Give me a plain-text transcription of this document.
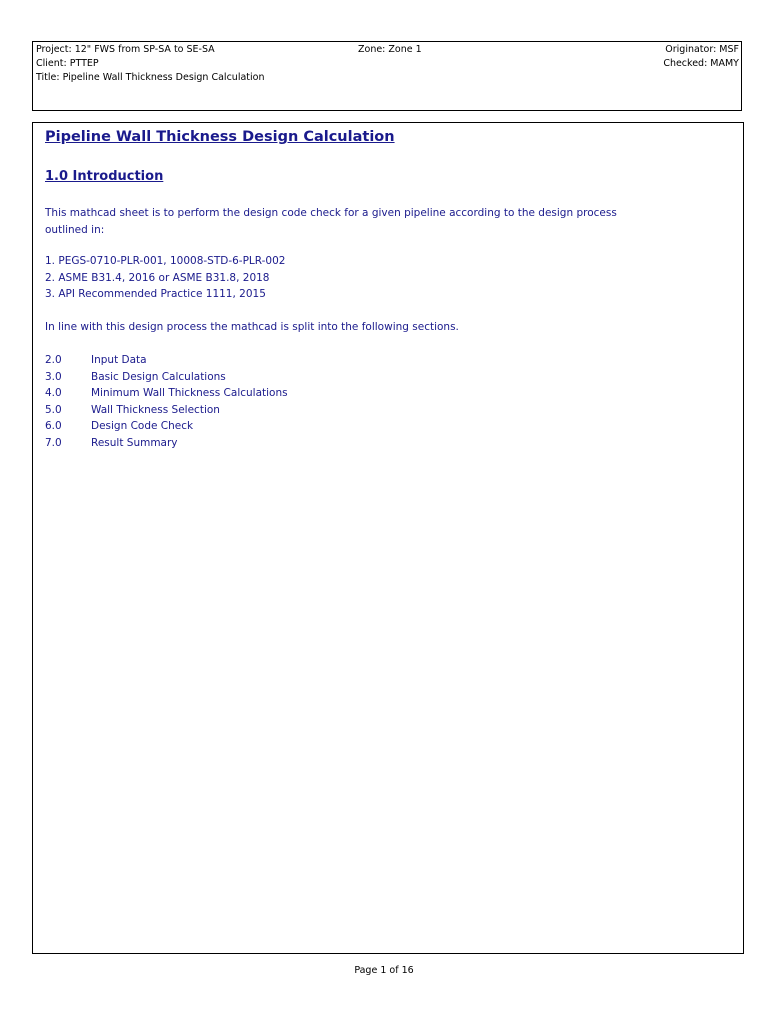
Project: 12" FWS from SP-SA to SE-SA
Client: PTTEP
Title: Pipeline Wall Thickness Design Calculation
Zone: Zone 1	Originator: MSF
Checked: MAMY
Pipeline Wall Thickness Design Calculation
1.0 Introduction
This mathcad sheet is to perform the design code check for a given pipeline according to the design process outlined in:
1. PEGS-0710-PLR-001, 10008-STD-6-PLR-002
2. ASME B31.4, 2016 or ASME B31.8, 2018
3. API Recommended Practice 1111, 2015
In line with this design process the mathcad is split into the following sections.
2.0	Input Data
3.0	Basic Design Calculations
4.0	Minimum Wall Thickness Calculations
5.0	Wall Thickness Selection
6.0	Design Code Check
7.0	Result Summary
Page 1 of 16
